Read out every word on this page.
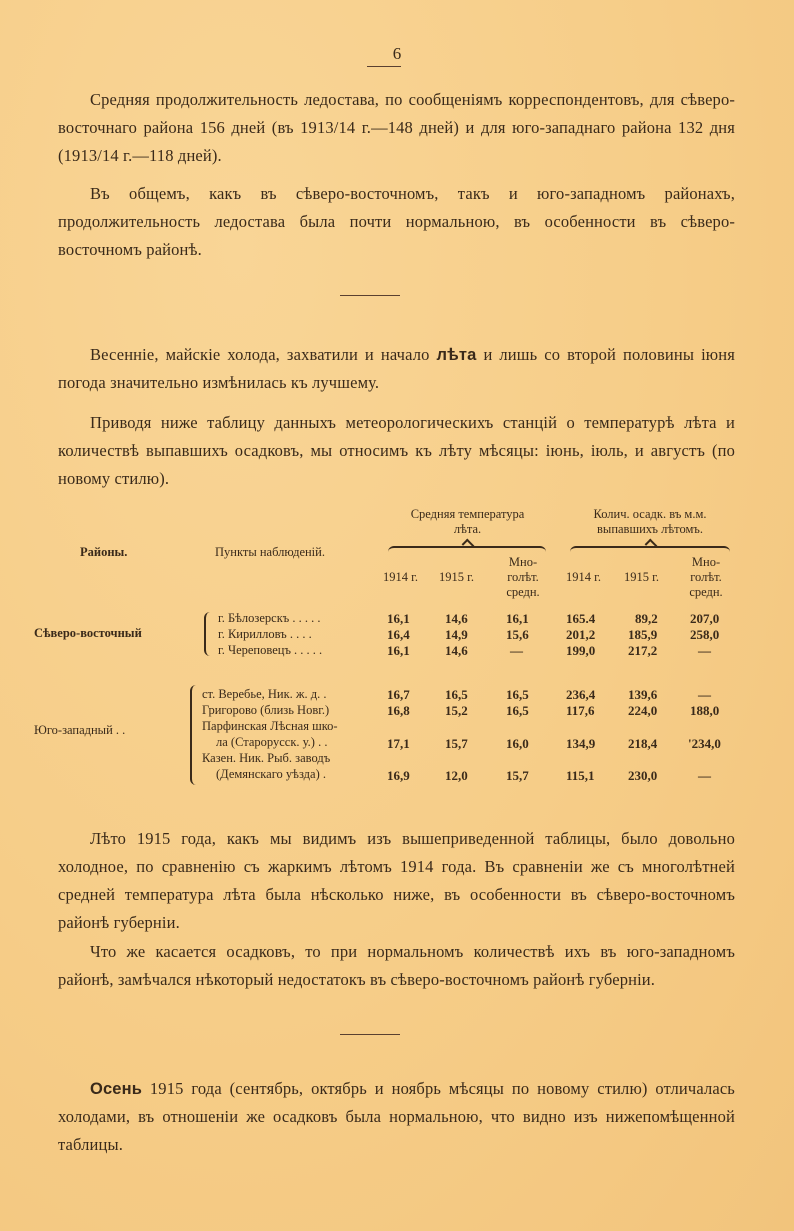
6
Средняя продолжительность ледостава, по сообщеніямъ корреспондентовъ, для сѣверо-восточнаго района 156 дней (въ 1913/14 г.—148 дней) и для юго-западнаго района 132 дня (1913/14 г.—118 дней).
Въ общемъ, какъ въ сѣверо-восточномъ, такъ и юго-западномъ районахъ, продолжительность ледостава была почти нормальною, въ особенности въ сѣверо-восточномъ районѣ.
Весенніе, майскіе холода, захватили и начало лѣта и лишь со второй половины іюня погода значительно измѣнилась къ лучшему.
Приводя ниже таблицу данныхъ метеорологическихъ станцій о температурѣ лѣта и количествѣ выпавшихъ осадковъ, мы относимъ къ лѣту мѣсяцы: іюнь, іюль, и августъ (по новому стилю).
Районы.	Пункты наблюденій.
Средняя температура
лѣта.
Колич. осадк. въ м.м.
выпавшихъ лѣтомъ.
1914 г. 1915 г.
Мно-
голѣт.
средн.
1914 г. 1915 г.
Мно-
голѣт.
средн.
Сѣверо-восточный
г. Бѣлозерскъ . . . . .	16,1	14,6	16,1	165.4	89,2 207,0
г. Кирилловъ . . . .	16,4	14,9	15,6	201,2	185,9	258,0
г. Череповецъ . . . . .	16,1	14,6	—	199,0	217,2	—
Юго-западный . .
ст. Веребье, Ник. ж. д. .	16,7	16,5	16,5	236,4	139,6	—
Григорово (близь Новг.)	16,8	15,2	16,5	117,6	224,0	188,0
Парфинская Лѣсная шко-
ла (Старорусск. у.) . .	17,1	15,7	16,0	134,9	218,4 '234,0
Казен. Ник. Рыб. заводъ
(Демянскаго уѣзда) .	16,9	12,0	15,7	115,1	230,0	—
Лѣто 1915 года, какъ мы видимъ изъ вышеприведенной таблицы, было довольно холодное, по сравненію съ жаркимъ лѣтомъ 1914 года. Въ сравненіи же съ многолѣтней средней температура лѣта была нѣсколько ниже, въ особенности въ сѣверо-восточномъ районѣ губерніи.
Что же касается осадковъ, то при нормальномъ количествѣ ихъ въ юго-западномъ районѣ, замѣчался нѣкоторый недостатокъ въ сѣверо-восточномъ районѣ губерніи.
Осень 1915 года (сентябрь, октябрь и ноябрь мѣсяцы по новому стилю) отличалась холодами, въ отношеніи же осадковъ была нормальною, что видно изъ нижепомѣщенной таблицы.
